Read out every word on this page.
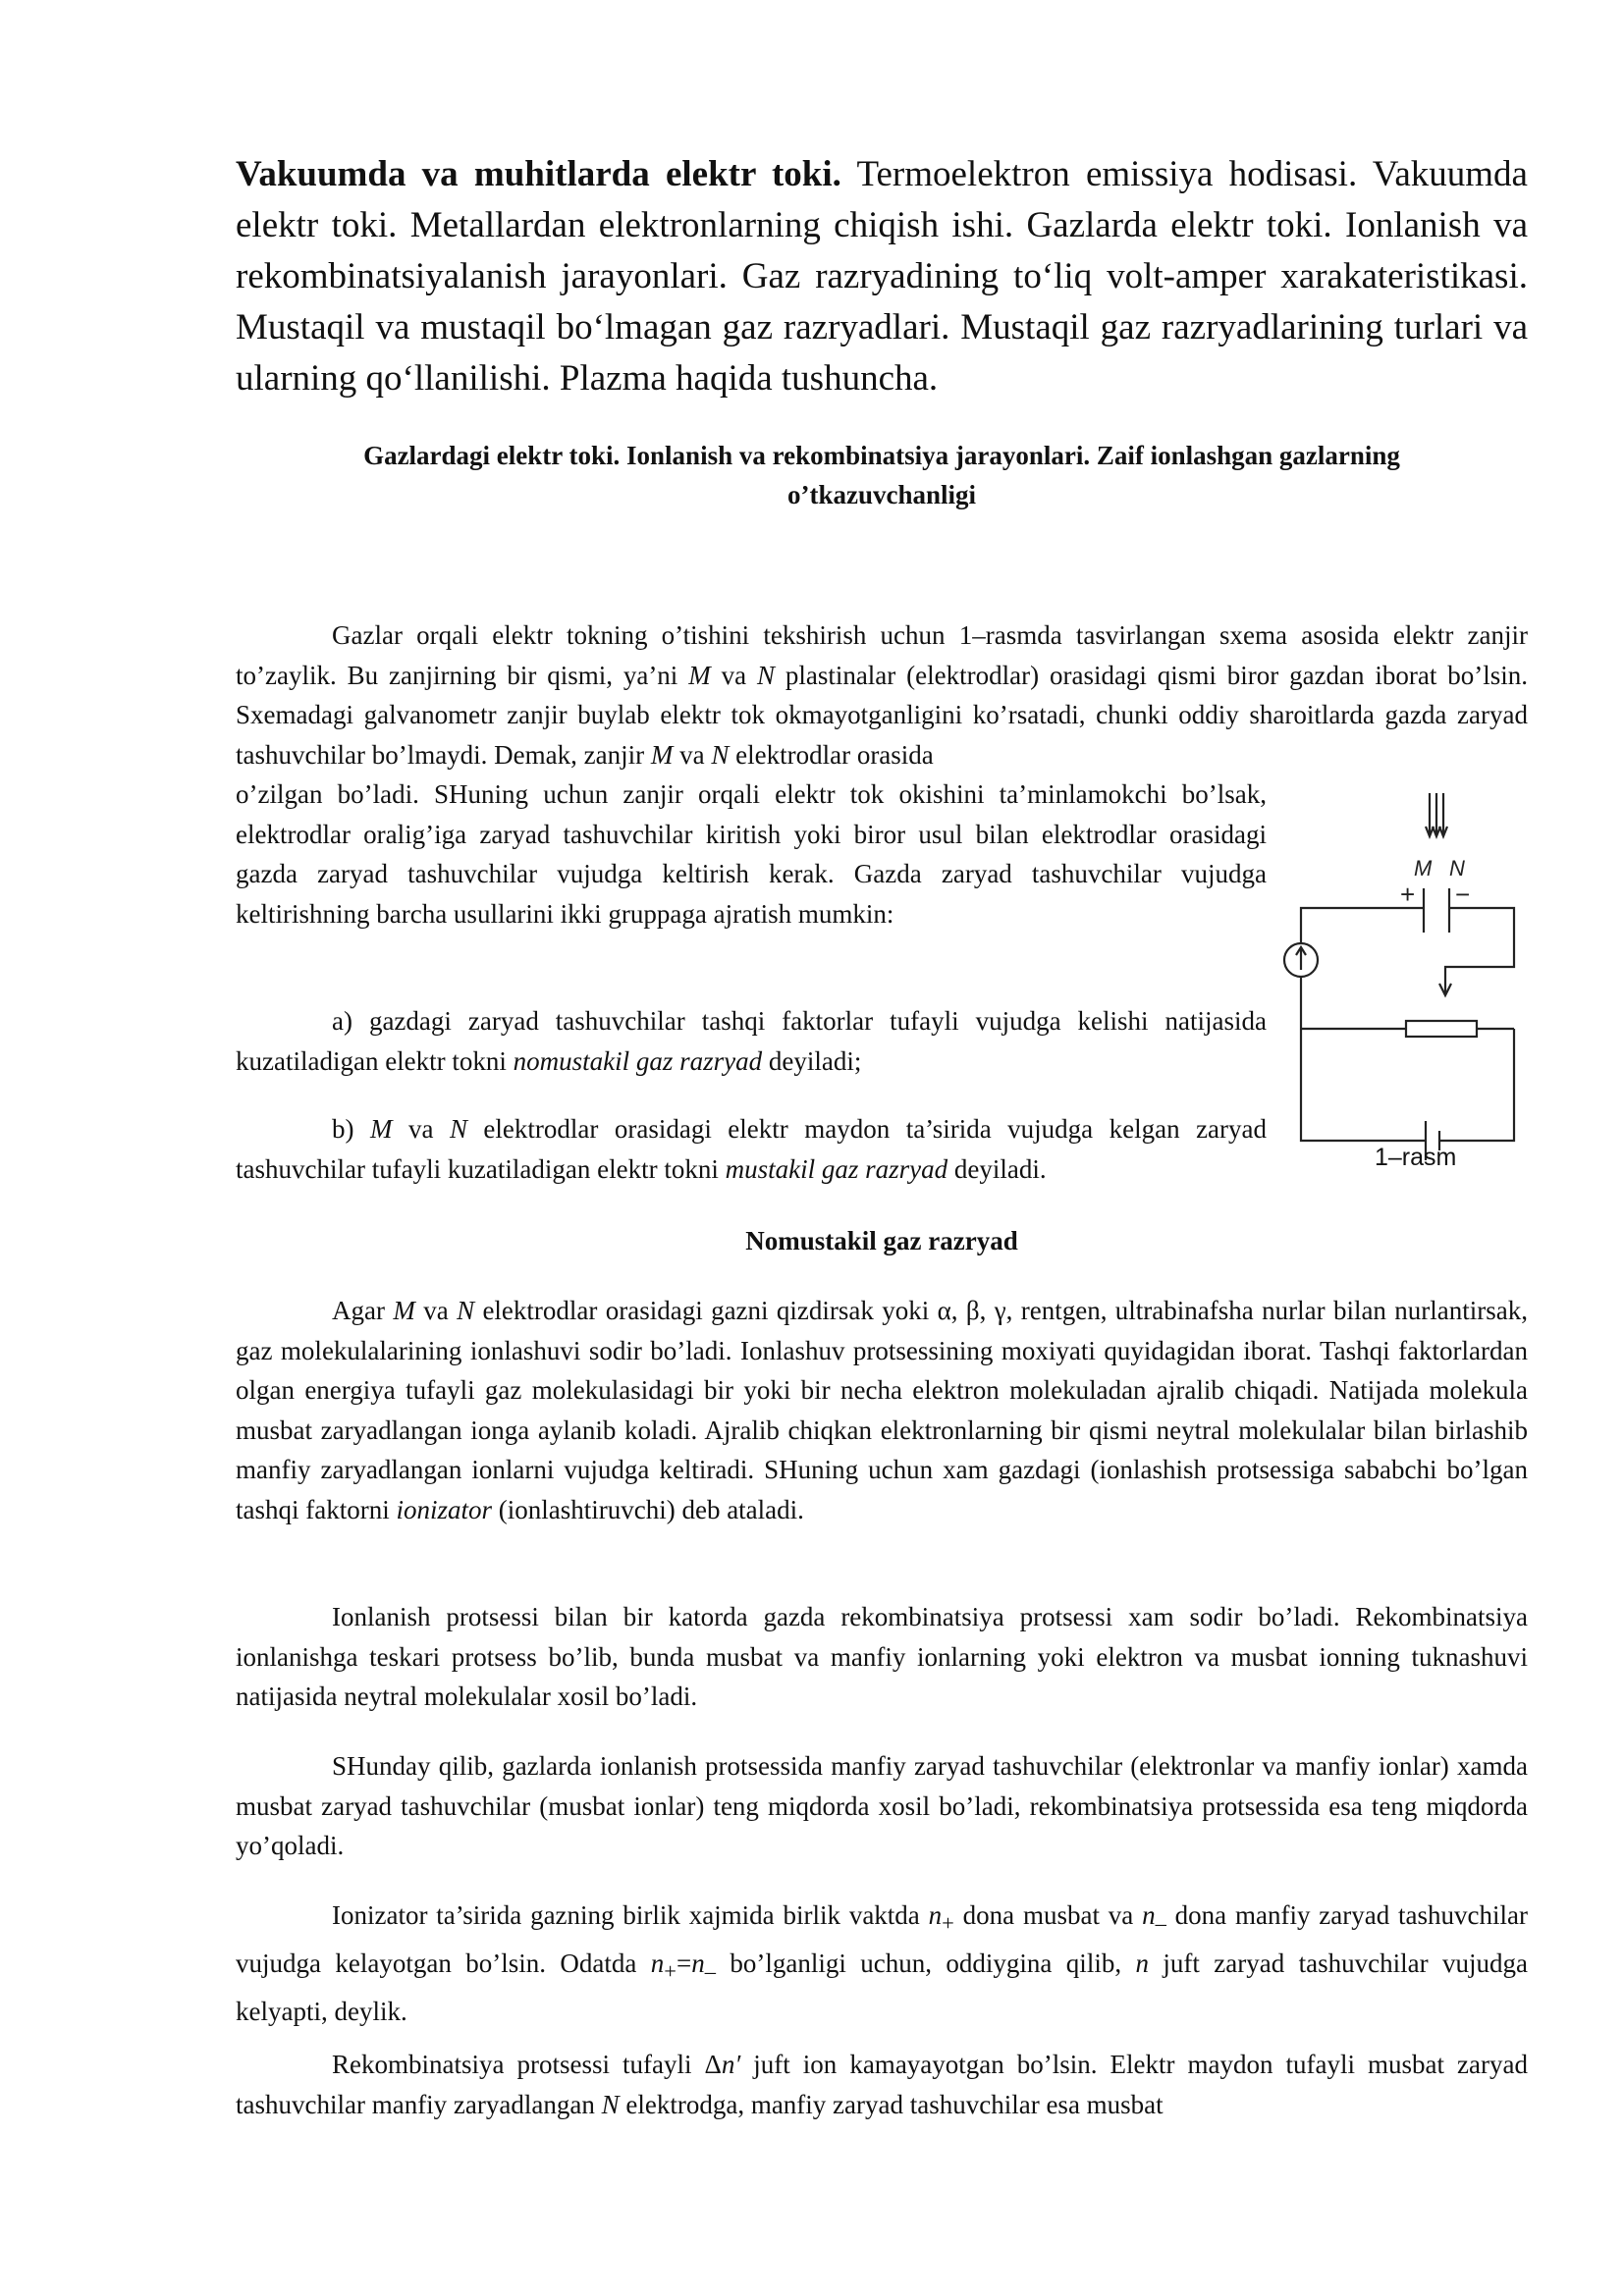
Vakuumda va muhitlarda elektr toki. Termoelektron emissiya hodisasi. Vakuumda elektr toki. Metallardan elektronlarning chiqish ishi. Gazlarda elektr toki. Ionlanish va rekombinatsiyalanish jarayonlari. Gaz razryadining to‘liq volt-amper xarakateristikasi. Mustaqil va mustaqil bo‘lmagan gaz razryadlari. Mustaqil gaz razryadlarining turlari va ularning qo‘llanilishi. Plazma haqida tushuncha.

Gazlardagi elektr toki. Ionlanish va rekombinatsiya jarayonlari. Zaif ionlashgan gazlarning
o’tkazuvchanligi

Gazlar orqali elektr tokning o’tishini tekshirish uchun 1–rasmda tasvirlangan sxema asosida elektr zanjir to’zaylik. Bu zanjirning bir qismi, ya’ni M va N plastinalar (elektrodlar) orasidagi qismi biror gazdan iborat bo’lsin. Sxemadagi galvanometr zanjir buylab elektr tok okmayotganligini ko’rsatadi, chunki oddiy sharoitlarda gazda zaryad tashuvchilar bo’lmaydi. Demak, zanjir M va N elektrodlar orasida

o’zilgan bo’ladi. SHuning uchun zanjir orqali elektr tok okishini ta’minlamokchi bo’lsak, elektrodlar oralig’iga zaryad tashuvchilar kiritish yoki biror usul bilan elektrodlar orasidagi gazda zaryad tashuvchilar vujudga keltirish kerak. Gazda zaryad tashuvchilar vujudga keltirishning barcha usullarini ikki gruppaga ajratish mumkin:

a) gazdagi zaryad tashuvchilar tashqi faktorlar tufayli vujudga kelishi natijasida kuzatiladigan elektr tokni nomustakil gaz razryad deyiladi;

b) M va N elektrodlar orasidagi elektr maydon ta’sirida vujudga kelgan zaryad tashuvchilar tufayli kuzatiladigan elektr tokni mustakil gaz razryad deyiladi.

M N
+ −
1–rasm

Nomustakil gaz razryad

Agar M va N elektrodlar orasidagi gazni qizdirsak yoki α, β, γ, rentgen, ultrabinafsha nurlar bilan nurlantirsak, gaz molekulalarining ionlashuvi sodir bo’ladi. Ionlashuv protsessining moxiyati quyidagidan iborat. Tashqi faktorlardan olgan energiya tufayli gaz molekulasidagi bir yoki bir necha elektron molekuladan ajralib chiqadi. Natijada molekula musbat zaryadlangan ionga aylanib koladi. Ajralib chiqkan elektronlarning bir qismi neytral molekulalar bilan birlashib manfiy zaryadlangan ionlarni vujudga keltiradi. SHuning uchun xam gazdagi (ionlashish protsessiga sababchi bo’lgan tashqi faktorni ionizator (ionlashtiruvchi) deb ataladi.

Ionlanish protsessi bilan bir katorda gazda rekombinatsiya protsessi xam sodir bo’ladi. Rekombinatsiya ionlanishga teskari protsess bo’lib, bunda musbat va manfiy ionlarning yoki elektron va musbat ionning tuknashuvi natijasida neytral molekulalar xosil bo’ladi.

SHunday qilib, gazlarda ionlanish protsessida manfiy zaryad tashuvchilar (elektronlar va manfiy ionlar) xamda musbat zaryad tashuvchilar (musbat ionlar) teng miqdorda xosil bo’ladi, rekombinatsiya protsessida esa teng miqdorda yo’qoladi.

Ionizator ta’sirida gazning birlik xajmida birlik vaktda $n_+$ dona musbat va $n_-$ dona manfiy zaryad tashuvchilar vujudga kelayotgan bo’lsin. Odatda $n_+=n_-$ bo’lganligi uchun, oddiygina qilib, n juft zaryad tashuvchilar vujudga kelyapti, deylik.

Rekombinatsiya protsessi tufayli Δn′ juft ion kamayayotgan bo’lsin. Elektr maydon tufayli musbat zaryad tashuvchilar manfiy zaryadlangan N elektrodga, manfiy zaryad tashuvchilar esa musbat
